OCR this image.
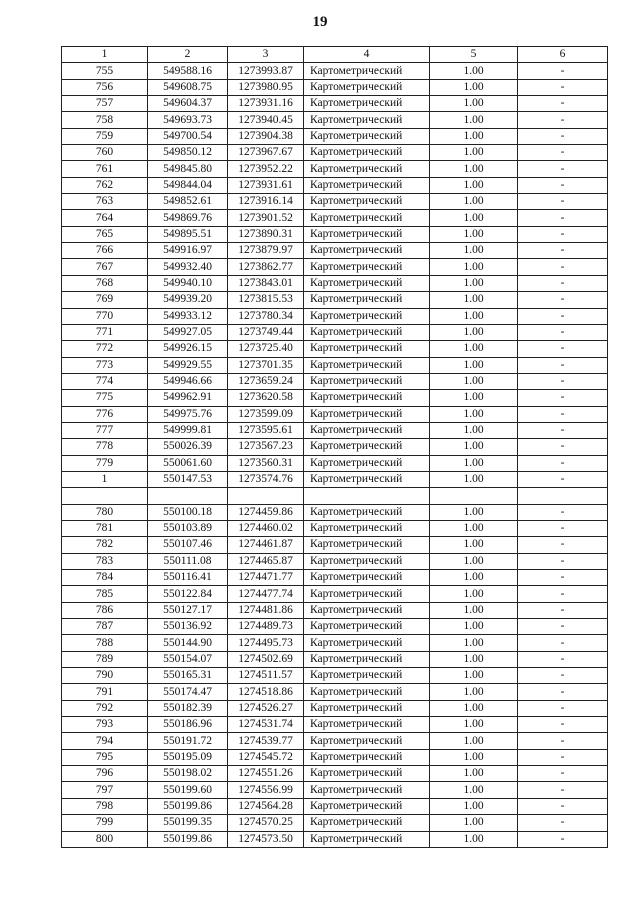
19
1	2	3	4	5	6
755	549588.16	1273993.87	Картометрический	1.00	-
756	549608.75	1273980.95	Картометрический	1.00	-
757	549604.37	1273931.16	Картометрический	1.00	-
758	549693.73	1273940.45	Картометрический	1.00	-
759	549700.54	1273904.38	Картометрический	1.00	-
760	549850.12	1273967.67	Картометрический	1.00	-
761	549845.80	1273952.22	Картометрический	1.00	-
762	549844.04	1273931.61	Картометрический	1.00	-
763	549852.61	1273916.14	Картометрический	1.00	-
764	549869.76	1273901.52	Картометрический	1.00	-
765	549895.51	1273890.31	Картометрический	1.00	-
766	549916.97	1273879.97	Картометрический	1.00	-
767	549932.40	1273862.77	Картометрический	1.00	-
768	549940.10	1273843.01	Картометрический	1.00	-
769	549939.20	1273815.53	Картометрический	1.00	-
770	549933.12	1273780.34	Картометрический	1.00	-
771	549927.05	1273749.44	Картометрический	1.00	-
772	549926.15	1273725.40	Картометрический	1.00	-
773	549929.55	1273701.35	Картометрический	1.00	-
774	549946.66	1273659.24	Картометрический	1.00	-
775	549962.91	1273620.58	Картометрический	1.00	-
776	549975.76	1273599.09	Картометрический	1.00	-
777	549999.81	1273595.61	Картометрический	1.00	-
778	550026.39	1273567.23	Картометрический	1.00	-
779	550061.60	1273560.31	Картометрический	1.00	-
1	550147.53	1273574.76	Картометрический	1.00	-

780	550100.18	1274459.86	Картометрический	1.00	-
781	550103.89	1274460.02	Картометрический	1.00	-
782	550107.46	1274461.87	Картометрический	1.00	-
783	550111.08	1274465.87	Картометрический	1.00	-
784	550116.41	1274471.77	Картометрический	1.00	-
785	550122.84	1274477.74	Картометрический	1.00	-
786	550127.17	1274481.86	Картометрический	1.00	-
787	550136.92	1274489.73	Картометрический	1.00	-
788	550144.90	1274495.73	Картометрический	1.00	-
789	550154.07	1274502.69	Картометрический	1.00	-
790	550165.31	1274511.57	Картометрический	1.00	-
791	550174.47	1274518.86	Картометрический	1.00	-
792	550182.39	1274526.27	Картометрический	1.00	-
793	550186.96	1274531.74	Картометрический	1.00	-
794	550191.72	1274539.77	Картометрический	1.00	-
795	550195.09	1274545.72	Картометрический	1.00	-
796	550198.02	1274551.26	Картометрический	1.00	-
797	550199.60	1274556.99	Картометрический	1.00	-
798	550199.86	1274564.28	Картометрический	1.00	-
799	550199.35	1274570.25	Картометрический	1.00	-
800	550199.86	1274573.50	Картометрический	1.00	-
